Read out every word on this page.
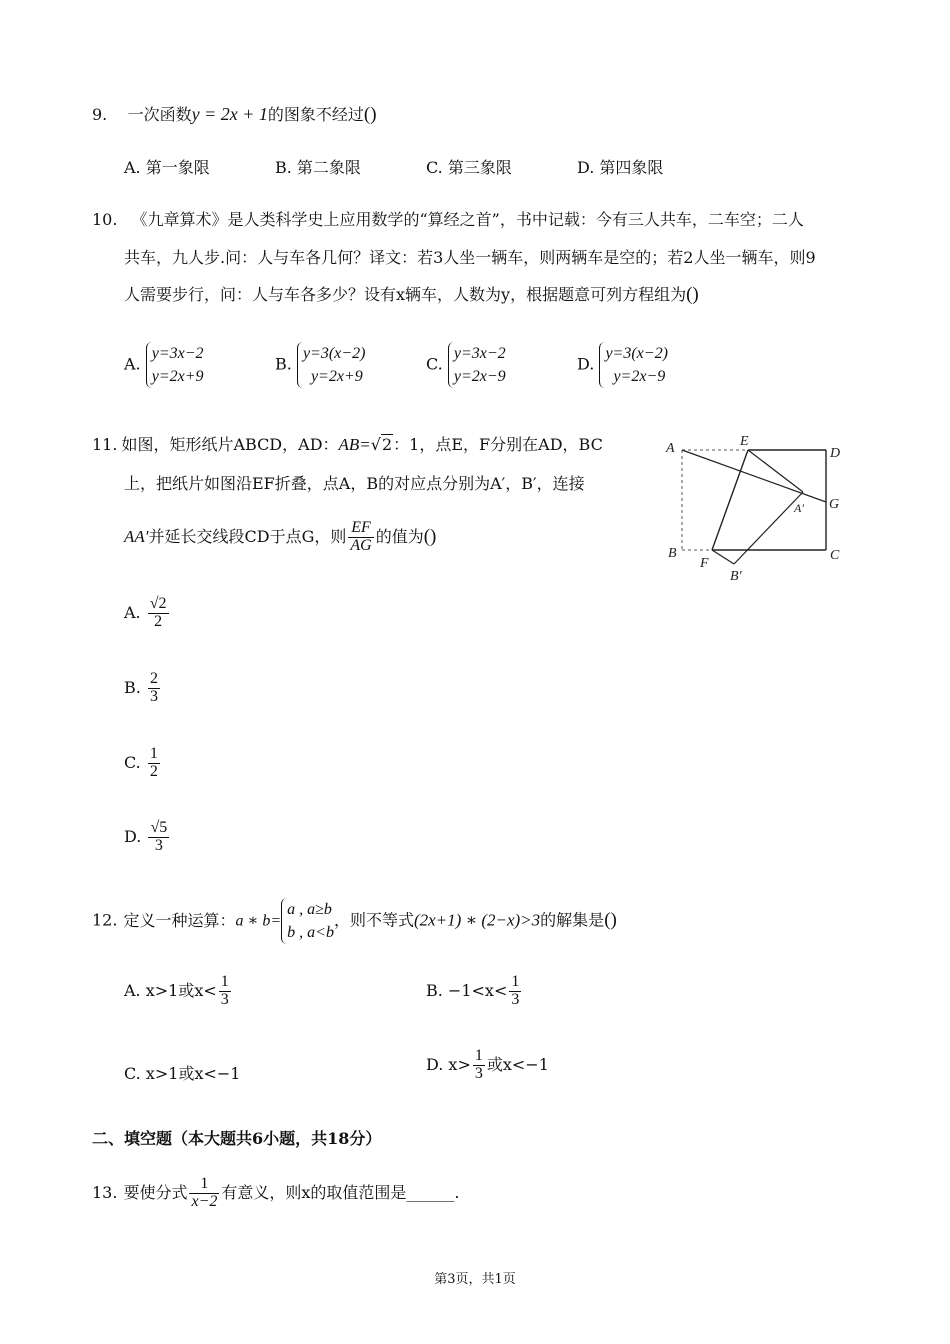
9. 一次函数y = 2x + 1的图象不经过()
A. 第一象限	B. 第二象限	C. 第三象限	D. 第四象限
10. 《九章算术》是人类科学史上应用数学的“算经之首”，书中记载：今有三人共车，二车空；二人
共车，九人步.问：人与车各几何？译文：若3人坐一辆车，则两辆车是空的；若2人坐一辆车，则9
人需要步行，问：人与车各多少？设有x辆车，人数为y，根据题意可列方程组为()
A.
y=3x−2
y=2x+9
B.
y=3(x−2)
y=2x+9
C.
y=3x−2
y=2x−9
D.
y=3(x−2)
y=2x−9
11. 如图，矩形纸片ABCD，AD：AB=√2：1，点E，F分别在AD，BC
上，把纸片如图沿EF折叠，点A，B的对应点分别为A′，B′，连接
AA′并延长交线段CD于点G，则 $\frac{EF}{AG}$ 的值为()
A	E
D
G
A′
B
F
B′
C
A. $\frac{√2}{2}$
B. $\frac{2}{3}$
C. $\frac{1}{2}$
D. $\frac{√5}{3}$
12. 定义一种运算：a ∗ b=
a , a≥b
b , a<b
，则不等式(2x+1) ∗ (2−x)>3的解集是()
A. x>1或$x< \frac{1}{3}$	B. $-1<x< \frac{1}{3}$
C. x>1或x<−1	D. $x> \frac{1}{3}$ 或x<−1
二、填空题（本大题共6小题，共18分）
13. 要使分式 $\frac{1}{x-2}$ 有意义，则x的取值范围是______.
第3页，共1页
